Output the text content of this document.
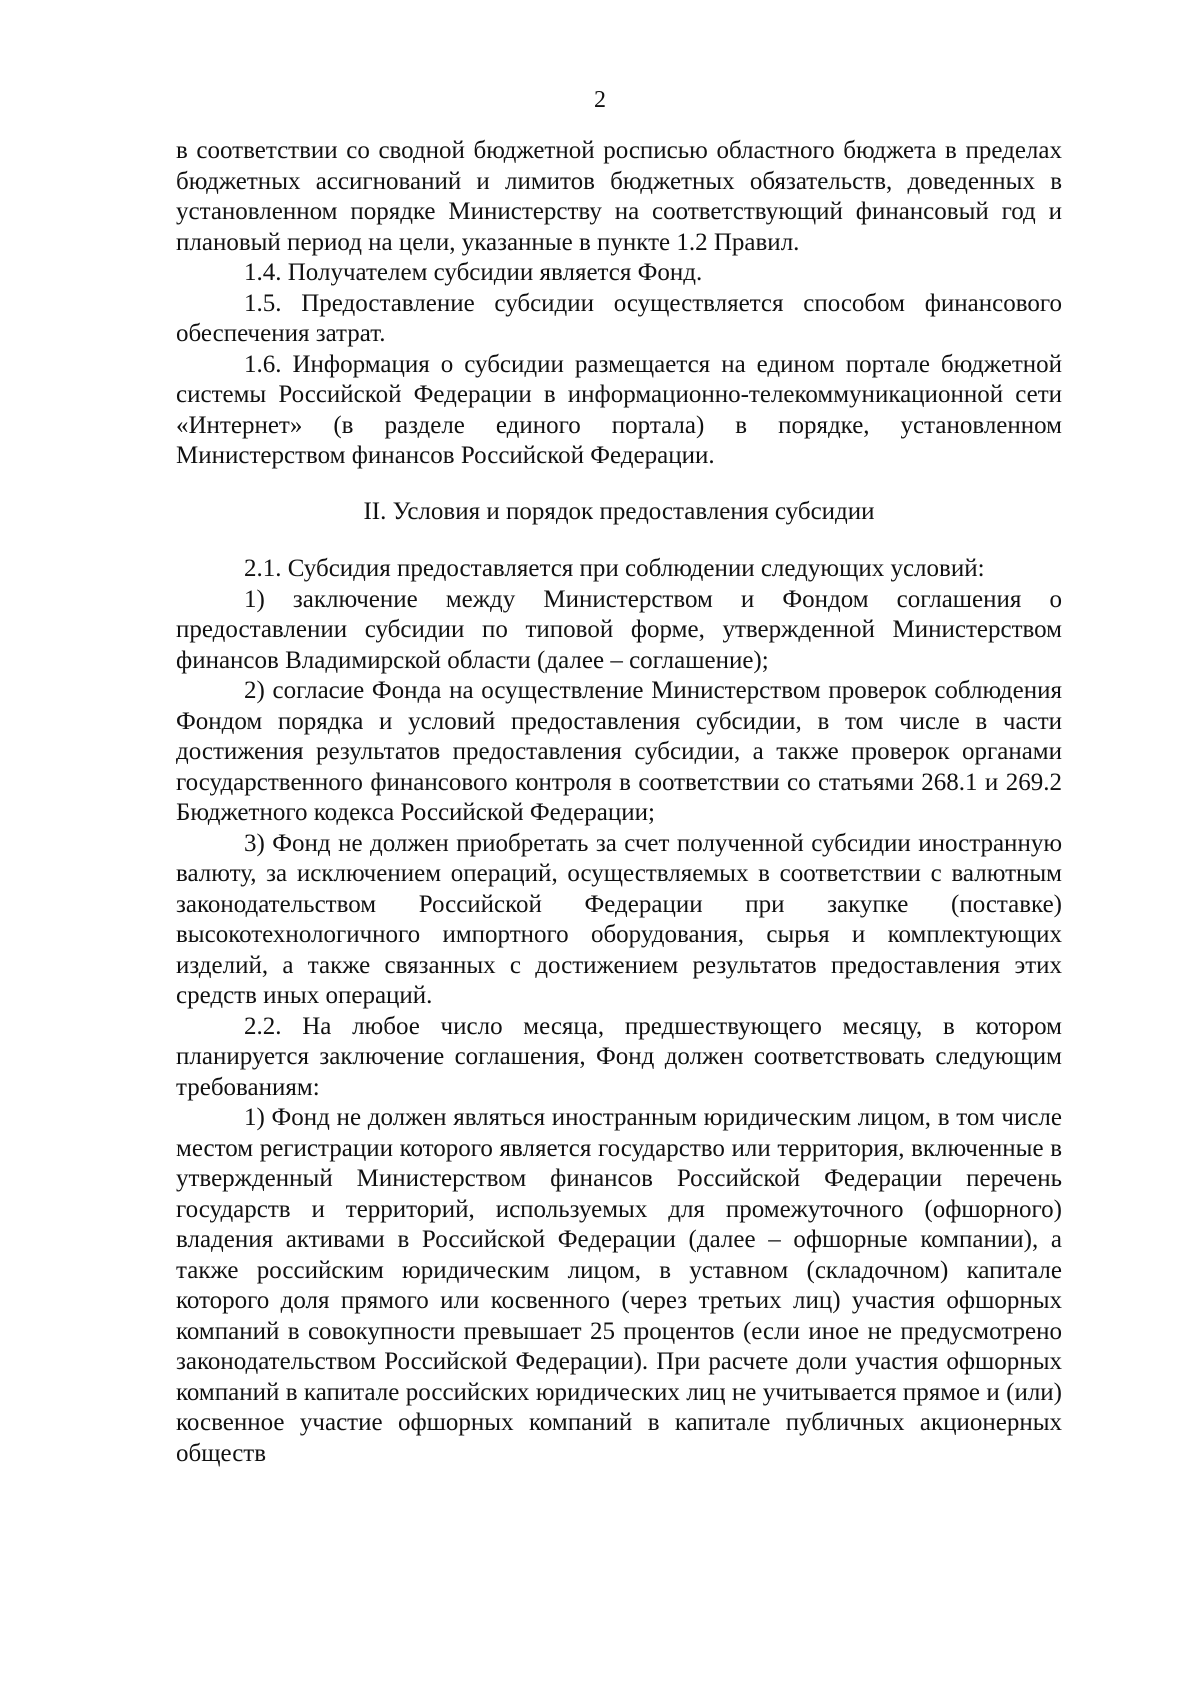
2

в соответствии со сводной бюджетной росписью областного бюджета в пределах бюджетных ассигнований и лимитов бюджетных обязательств, доведенных в установленном порядке Министерству на соответствующий финансовый год и плановый период на цели, указанные в пункте 1.2 Правил.

1.4. Получателем субсидии является Фонд.

1.5. Предоставление субсидии осуществляется способом финансового обеспечения затрат.

1.6. Информация о субсидии размещается на едином портале бюджетной системы Российской Федерации в информационно-телекоммуникационной сети «Интернет» (в разделе единого портала) в порядке, установленном Министерством финансов Российской Федерации.

II. Условия и порядок предоставления субсидии

2.1. Субсидия предоставляется при соблюдении следующих условий:

1) заключение между Министерством и Фондом соглашения о предоставлении субсидии по типовой форме, утвержденной Министерством финансов Владимирской области (далее – соглашение);

2) согласие Фонда на осуществление Министерством проверок соблюдения Фондом порядка и условий предоставления субсидии, в том числе в части достижения результатов предоставления субсидии, а также проверок органами государственного финансового контроля в соответствии со статьями 268.1 и 269.2 Бюджетного кодекса Российской Федерации;

3) Фонд не должен приобретать за счет полученной субсидии иностранную валюту, за исключением операций, осуществляемых в соответствии с валютным законодательством Российской Федерации при закупке (поставке) высокотехнологичного импортного оборудования, сырья и комплектующих изделий, а также связанных с достижением результатов предоставления этих средств иных операций.

2.2. На любое число месяца, предшествующего месяцу, в котором планируется заключение соглашения, Фонд должен соответствовать следующим требованиям:

1) Фонд не должен являться иностранным юридическим лицом, в том числе местом регистрации которого является государство или территория, включенные в утвержденный Министерством финансов Российской Федерации перечень государств и территорий, используемых для промежуточного (офшорного) владения активами в Российской Федерации (далее – офшорные компании), а также российским юридическим лицом, в уставном (складочном) капитале которого доля прямого или косвенного (через третьих лиц) участия офшорных компаний в совокупности превышает 25 процентов (если иное не предусмотрено законодательством Российской Федерации). При расчете доли участия офшорных компаний в капитале российских юридических лиц не учитывается прямое и (или) косвенное участие офшорных компаний в капитале публичных акционерных обществ
